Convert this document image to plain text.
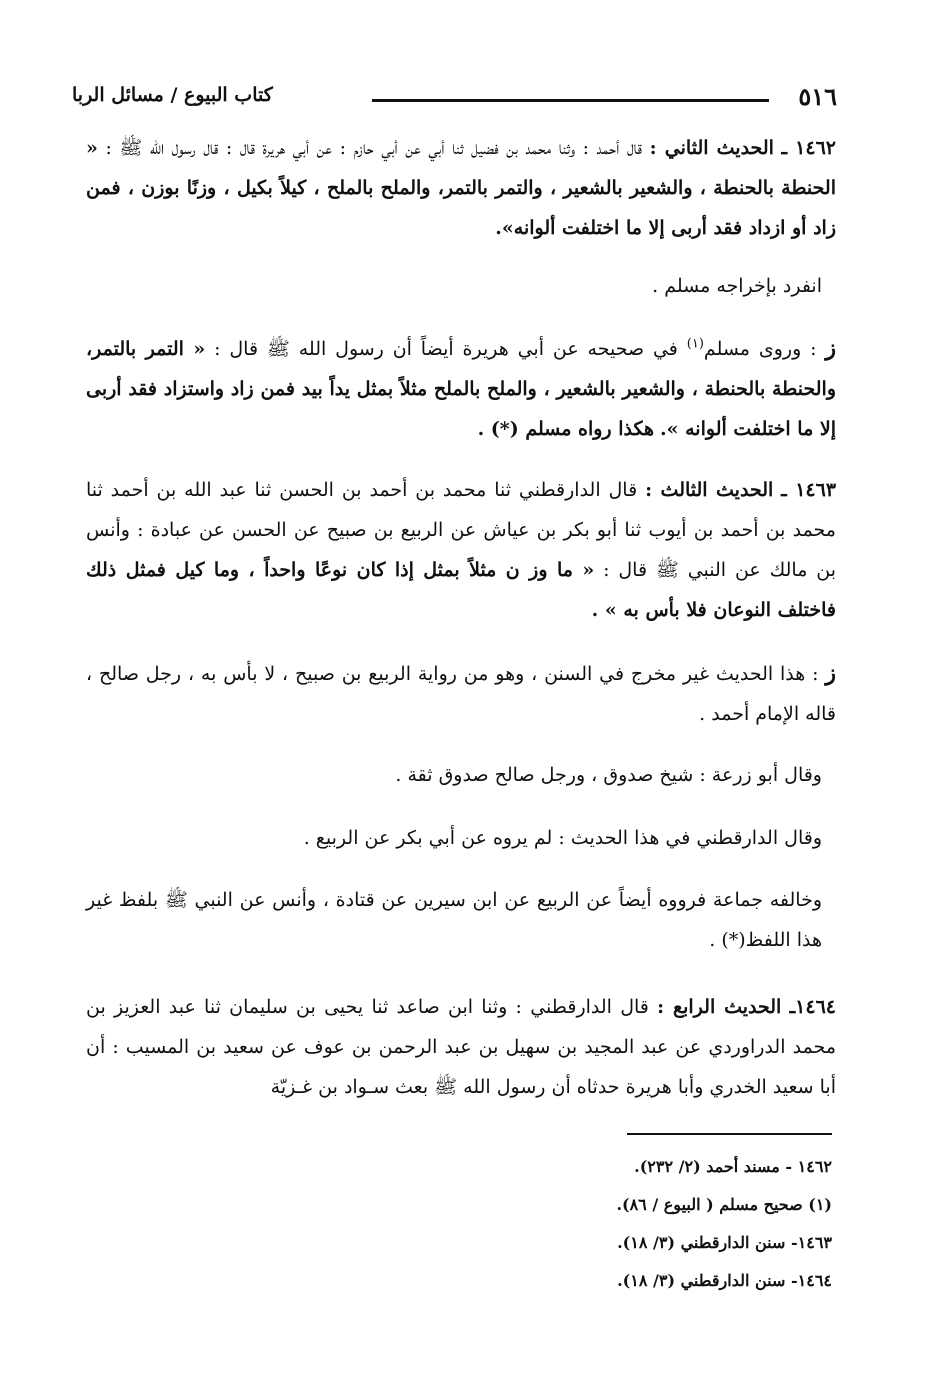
٥١٦
كتاب البيوع / مسائل الربا
١٤٦٢ ـ الحديث الثاني : قال أحمد : وثنا محمد بن فضيل ثنا أبي عن أبي حازم : عن أبي هريرة قال : قال رسول الله ﷺ : « الحنطة بالحنطة ، والشعير بالشعير ، والتمر بالتمر، والملح بالملح ، كيلاً بكيل ، وزنًا بوزن ، فمن زاد أو ازداد فقد أربى إلا ما اختلفت ألوانه».
انفرد بإخراجه مسلم .
ز : وروى مسلم$^{(١)}$ في صحيحه عن أبي هريرة أيضاً أن رسول الله ﷺ قال : « التمر بالتمر، والحنطة بالحنطة ، والشعير بالشعير ، والملح بالملح مثلاً بمثل يداً بيد فمن زاد واستزاد فقد أربى إلا ما اختلفت ألوانه ». هكذا رواه مسلم (*) .
١٤٦٣ ـ الحديث الثالث : قال الدارقطني ثنا محمد بن أحمد بن الحسن ثنا عبد الله بن أحمد ثنا محمد بن أحمد بن أيوب ثنا أبو بكر بن عياش عن الربيع بن صبيح عن الحسن عن عبادة : وأنس بن مالك عن النبي ﷺ قال : « ما وز ن مثلاً بمثل إذا كان نوعًا واحداً ، وما كيل فمثل ذلك فاختلف النوعان فلا بأس به » .
ز : هذا الحديث غير مخرج في السنن ، وهو من رواية الربيع بن صبيح ، لا بأس به ، رجل صالح ، قاله الإمام أحمد .
وقال أبو زرعة : شيخ صدوق ، ورجل صالح صدوق ثقة .
وقال الدارقطني في هذا الحديث : لم يروه عن أبي بكر عن الربيع .
وخالفه جماعة فرووه أيضاً عن الربيع عن ابن سيرين عن قتادة ، وأنس عن النبي ﷺ بلفظ غير هذا اللفظ(*) .
١٤٦٤ـ الحديث الرابع : قال الدارقطني : وثنا ابن صاعد ثنا يحيى بن سليمان ثنا عبد العزيز بن محمد الدراوردي عن عبد المجيد بن سهيل بن عبد الرحمن بن عوف عن سعيد بن المسيب : أن أبا سعيد الخدري وأبا هريرة حدثاه أن رسول الله ﷺ بعث سـواد بن غـزيّة
١٤٦٢ - مسند أحمد (٢/ ٢٣٢).
(١) صحيح مسلم ( البيوع / ٨٦).
١٤٦٣- سنن الدارقطني (٣/ ١٨).
١٤٦٤- سنن الدارقطني (٣/ ١٨).
